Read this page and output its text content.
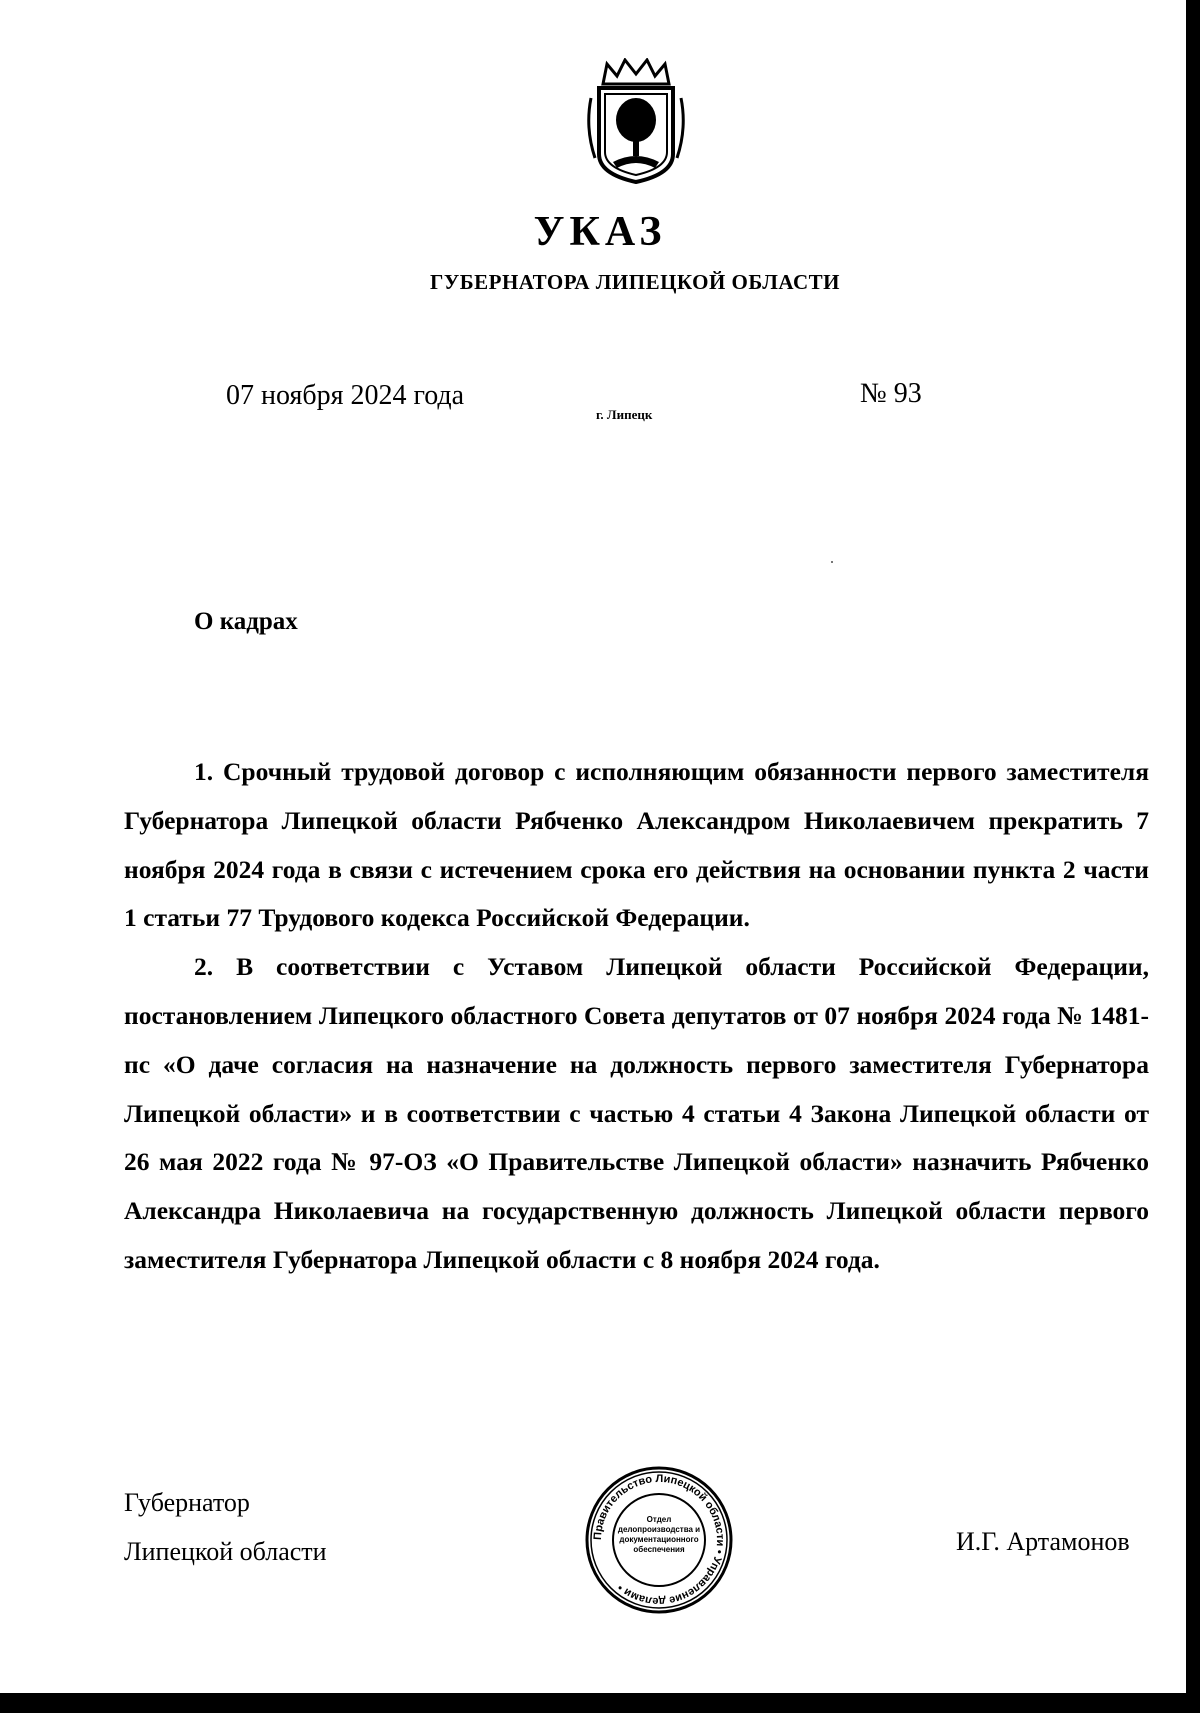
УКАЗ
ГУБЕРНАТОРА ЛИПЕЦКОЙ ОБЛАСТИ
07 ноября 2024 года
г. Липецк
№ 93
О кадрах

1. Срочный трудовой договор с исполняющим обязанности первого заместителя Губернатора Липецкой области Рябченко Александром Николаевичем прекратить 7 ноября 2024 года в связи с истечением срока его действия на основании пункта 2 части 1 статьи 77 Трудового кодекса Российской Федерации.

2. В соответствии с Уставом Липецкой области Российской Федерации, постановлением Липецкого областного Совета депутатов от 07 ноября 2024 года № 1481-пс «О даче согласия на назначение на должность первого заместителя Губернатора Липецкой области» и в соответствии с частью 4 статьи 4 Закона Липецкой области от 26 мая 2022 года № 97-ОЗ «О Правительстве Липецкой области» назначить Рябченко Александра Николаевича на государственную должность Липецкой области первого заместителя Губернатора Липецкой области с 8 ноября 2024 года.

Губернатор
Липецкой области
Правительство Липецкой области • Управление делами •
Отдел делопроизводства и документационного обеспечения	И.Г. Артамонов
